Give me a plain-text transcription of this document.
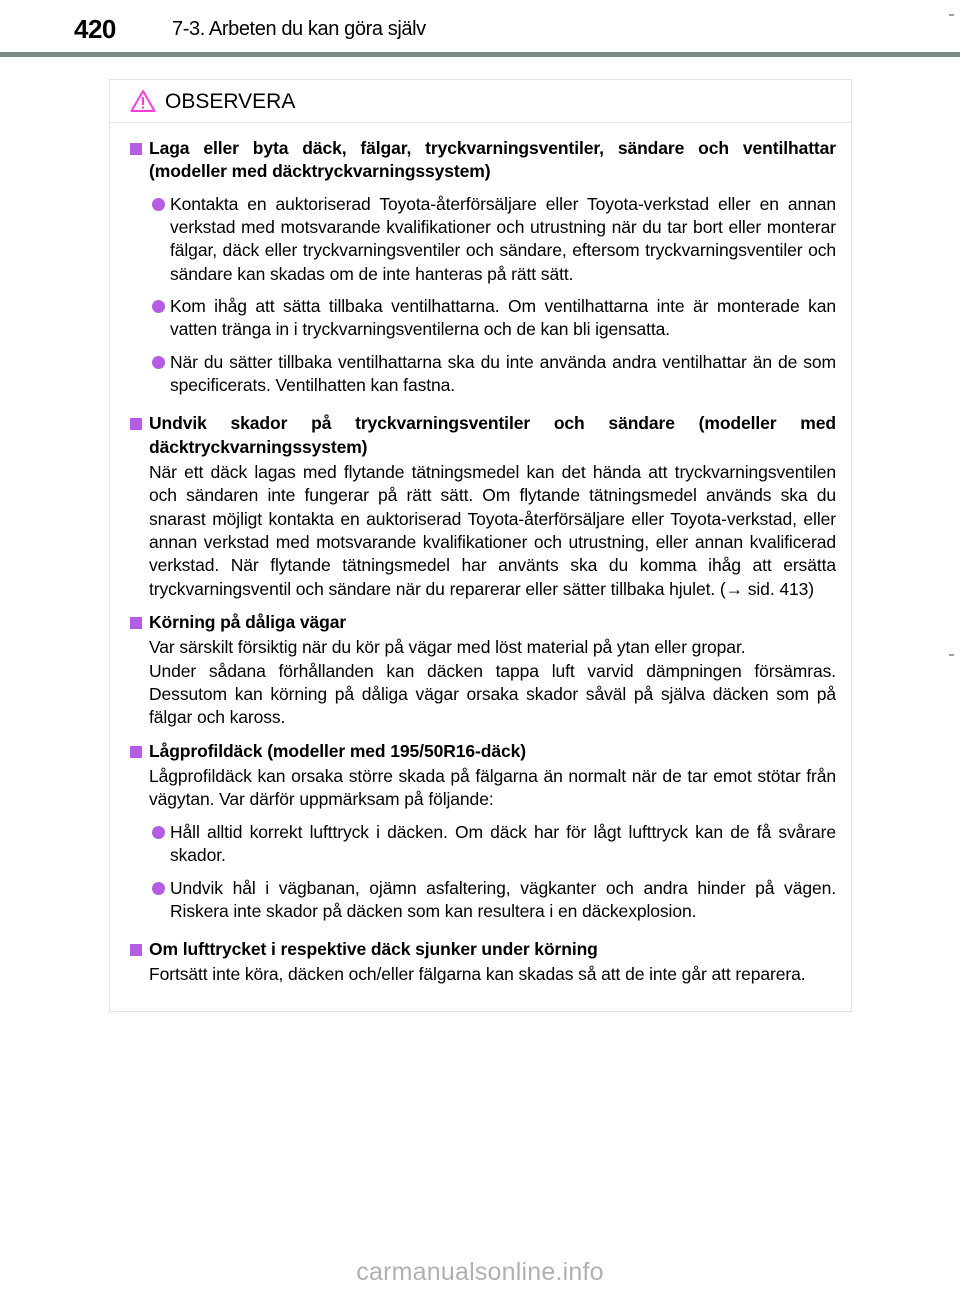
420	7-3. Arbeten du kan göra själv
OBSERVERA
Laga eller byta däck, fälgar, tryckvarningsventiler, sändare och ventilhattar (modeller med däcktryckvarningssystem)
Kontakta en auktoriserad Toyota-återförsäljare eller Toyota-verkstad eller en annan verkstad med motsvarande kvalifikationer och utrustning när du tar bort eller monterar fälgar, däck eller tryckvarningsventiler och sändare, eftersom tryckvarningsventiler och sändare kan skadas om de inte hanteras på rätt sätt.
Kom ihåg att sätta tillbaka ventilhattarna. Om ventilhattarna inte är monterade kan vatten tränga in i tryckvarningsventilerna och de kan bli igensatta.
När du sätter tillbaka ventilhattarna ska du inte använda andra ventilhattar än de som specificerats. Ventilhatten kan fastna.
Undvik skador på tryckvarningsventiler och sändare (modeller med däcktryckvarningssystem)
När ett däck lagas med flytande tätningsmedel kan det hända att tryckvarningsventilen och sändaren inte fungerar på rätt sätt. Om flytande tätningsmedel används ska du snarast möjligt kontakta en auktoriserad Toyota-återförsäljare eller Toyota-verkstad, eller annan verkstad med motsvarande kvalifikationer och utrustning, eller annan kvalificerad verkstad. När flytande tätningsmedel har använts ska du komma ihåg att ersätta tryckvarningsventil och sändare när du reparerar eller sätter tillbaka hjulet. (→ sid. 413)
Körning på dåliga vägar
Var särskilt försiktig när du kör på vägar med löst material på ytan eller gropar.
Under sådana förhållanden kan däcken tappa luft varvid dämpningen försämras. Dessutom kan körning på dåliga vägar orsaka skador såväl på själva däcken som på fälgar och kaross.
Lågprofildäck (modeller med 195/50R16-däck)
Lågprofildäck kan orsaka större skada på fälgarna än normalt när de tar emot stötar från vägytan. Var därför uppmärksam på följande:
Håll alltid korrekt lufttryck i däcken. Om däck har för lågt lufttryck kan de få svårare skador.
Undvik hål i vägbanan, ojämn asfaltering, vägkanter och andra hinder på vägen. Riskera inte skador på däcken som kan resultera i en däckexplosion.
Om lufttrycket i respektive däck sjunker under körning
Fortsätt inte köra, däcken och/eller fälgarna kan skadas så att de inte går att reparera.
carmanualsonline.info
